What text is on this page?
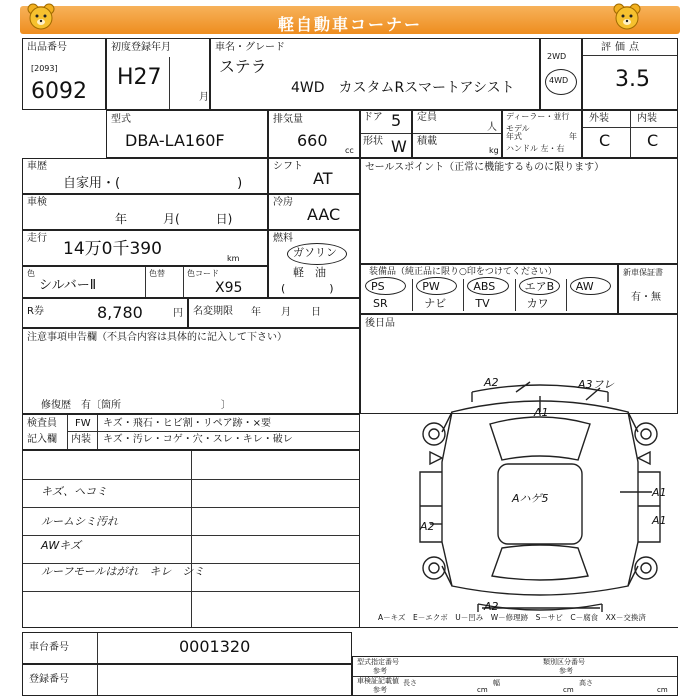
軽自動車コーナー
出品番号
[2093]
6092
初度登録年月
H27
月
車名・グレード
ステラ
4WD　カスタムRスマートアシスト
2WD
4WD
評価点
3.5
型式
DBA-LA160F
排気量
660
cc
ドア 5
形状 W
定員
人
積載
kg
ディーラー・並行
モデル
年式	年
ハンドル 左・右
外装	内装
C C
車歴
自家用・(　　　　　　　　　)
シフト
AT
車検
年　　　月(　　　日)
冷房
AAC
走行
14万0千390	km
燃料
ガソリン
軽　油
(　　　　)
色
シルバーⅡ
色替	色コード
X95
R券	8,780	円 名変期限 年　　月　　日
セールスポイント（正常に機能するものに限ります）
装備品（純正品に限り○印をつけてください）
PS	PW	ABS	エアB AW
SR	ナビ	TV	カワ
新車保証書
有・無
後日品
注意事項申告欄（不具合内容は具体的に記入して下さい）
修復歴　有〔箇所　　　　　　　　　　〕
検査員
記入欄
FW
内装
キズ・飛石・ヒビ割・リペア跡・×要
キズ・汚レ・コゲ・穴・スレ・キレ・破レ
キズ、ヘコミ
ルームシミ汚れ
AWキズ
ルーフモールはがれ　キレ　シミ
A－キズ　E－エクボ　U－凹み　W－修理跡　S－サビ　C－腐食　XX－交換済
A2	A3フレ
A1
Aハゲ5	A1
A1
A2
A2
車台番号	0001320
登録番号
型式指定番号
参考
類別区分番号
参考
車検証記載値
参考
長さ
cm
幅
cm
高さ
cm
